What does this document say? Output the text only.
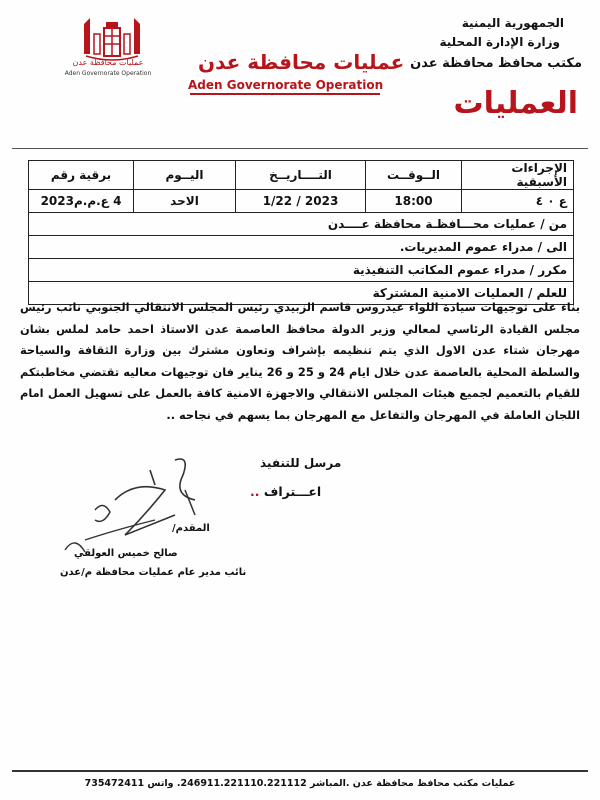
الجمهورية اليمنية
وزارة الإدارة المحلية
مكتب محافظ محافظة عدن
العمليات
عمليات محافظة عدن
Aden Governorate Operation	عمليات محافظة عدن
Aden Governorate Operation
الإجراءات الأسبقية	الــوقــت	التــــاريــخ	اليــوم	برقية رقم
ع ٠ ٤	18:00	2023 / 1/22	الاحد	4 ع.م.م2023
من / عمليات محـــافظـة محافظة عــــدن				
الى / مدراء عموم المديريات.				
مكرر / مدراء عموم المكاتب التنفيذية				
للعلم / العمليات الامنية المشتركة				
بناء على توجيهات سيادة اللواء عيدروس قاسم الزبيدي رئيس المجلس الانتقالي الجنوبي نائب رئيس مجلس القيادة الرئاسي لمعالي وزير الدولة محافظ العاصمة عدن الاستاذ احمد حامد لملس بشان مهرجان شتاء عدن الاول الذي يتم تنظيمه بإشراف وتعاون مشترك بين وزارة الثقافة والسياحة والسلطة المحلية بالعاصمة عدن خلال ايام 24 و 25 و 26 يناير فان توجيهات معاليه تقتضي مخاطبتكم للقيام بالتعميم لجميع هيئات المجلس الانتقالي والاجهزة الامنية كافة بالعمل على تسهيل العمل امام اللجان العاملة في المهرجان والتفاعل مع المهرجان بما يسهم في نجاحه ..
مرسل للتنفيذ
اعـــتراف ..
المقدم/
صالح خميس العولقي
نائب مدير عام عمليات محافظة م/عدن
عمليات مكتب محافظ محافظة عدن .المباشر 246911.221110.221112. واتس 735472411
